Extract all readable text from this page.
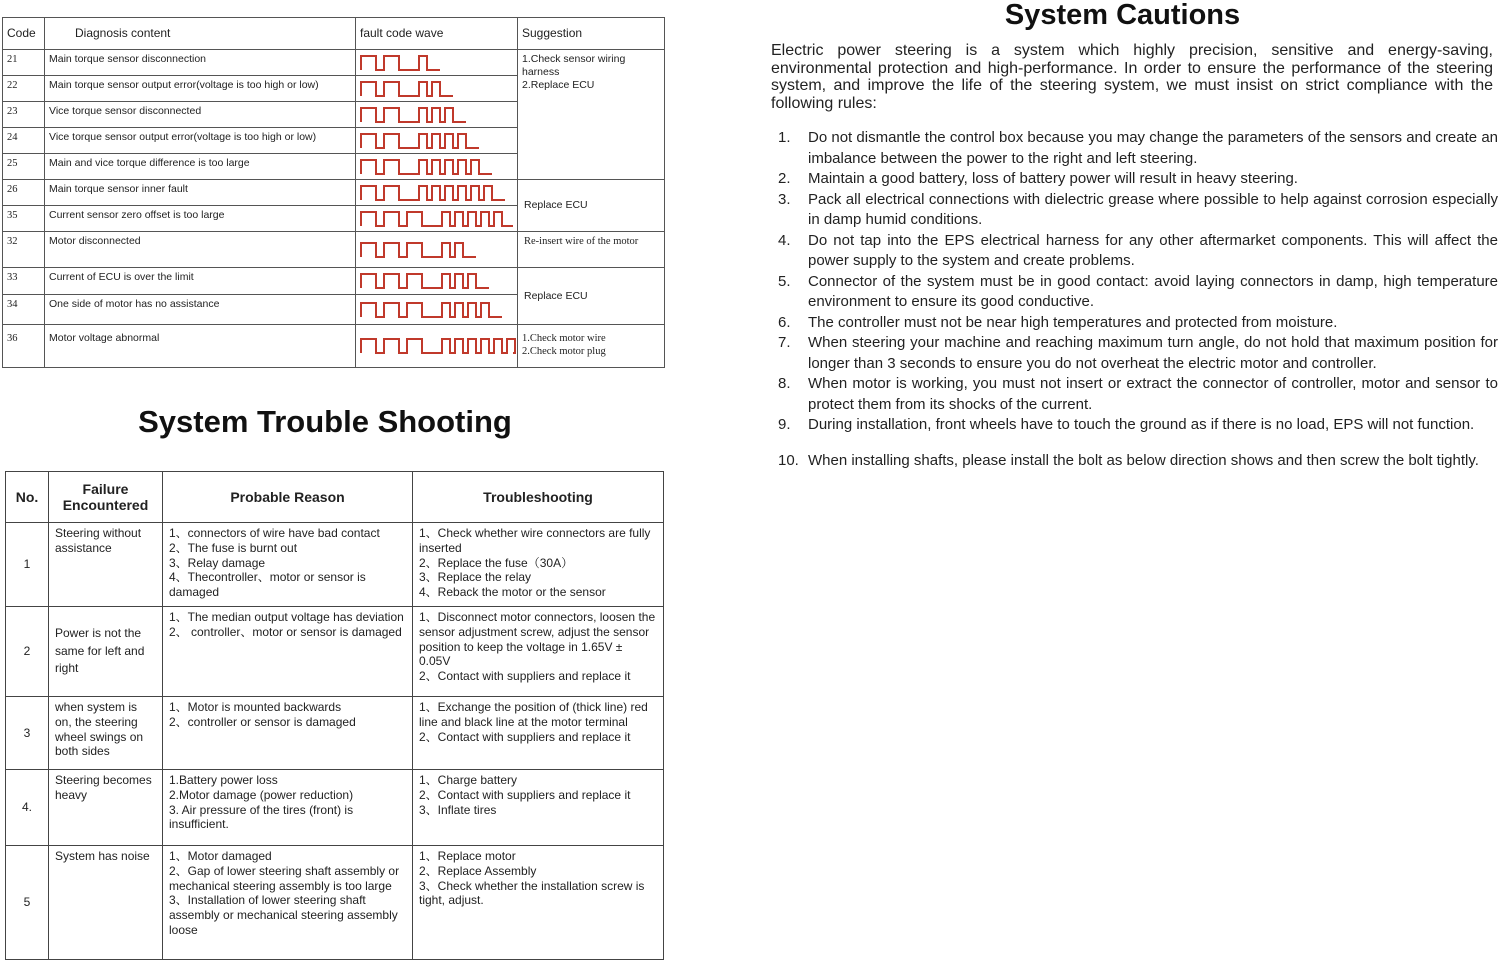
Code	Diagnosis content	fault code wave	Suggestion
21	Main torque sensor disconnection		1.Check sensor wiring harness
2.Replace ECU
22	Main torque sensor output error(voltage is too high or low)	

23	Vice torque sensor disconnected	

24	Vice torque sensor output error(voltage is too high or low)	

25	Main and vice torque difference is too large	

26	Main torque sensor inner fault		Replace ECU
35	Current sensor zero offset is too large	

32	Motor disconnected		Re-insert wire of the motor
33	Current of ECU is over the limit		Replace ECU
34	One side of motor has no assistance	

36	Motor voltage abnormal		1.Check motor wire
2.Check motor plug
System Trouble Shooting
No.	Failure Encountered	Probable Reason	Troubleshooting
1	Steering without assistance	1、connectors of wire have bad contact
2、The fuse is burnt out
3、Relay damage
4、Thecontroller、motor or sensor is damaged	1、Check whether wire connectors are fully inserted
2、Replace the fuse（30A）
3、Replace the relay
4、Reback the motor or the sensor

2	Power is not the same for left and right	1、The median output voltage has deviation
2、 controller、motor or sensor is damaged	1、Disconnect motor connectors, loosen the sensor adjustment screw, adjust the sensor position to keep the voltage in 1.65V ± 0.05V
2、Contact with suppliers and replace it

3	when system is on, the steering wheel swings on both sides	1、Motor is mounted backwards
2、controller or sensor is damaged	1、Exchange the position of (thick line) red line and black line at the motor terminal
2、Contact with suppliers and replace it

4.	Steering becomes heavy	1.Battery power loss
2.Motor damage (power reduction)
3. Air pressure of the tires (front) is insufficient.	1、Charge battery
2、Contact with suppliers and replace it
3、Inflate tires

5	System has noise	1、Motor damaged
2、Gap of lower steering shaft assembly or mechanical steering assembly is too large
3、Installation of lower steering shaft assembly or mechanical steering assembly loose	1、Replace motor
2、Replace Assembly
3、Check whether the installation screw is tight, adjust.
System Cautions

Electric power steering is a system which highly precision, sensitive and energy-saving, environmental protection and high-performance. In order to ensure the performance of the steering system, and improve the life of the steering system, we must insist on strict compliance with the following rules:

1. Do not dismantle the control box because you may change the parameters of the sensors and create an imbalance between the power to the right and left steering.
2. Maintain a good battery, loss of battery power will result in heavy steering.
3. Pack all electrical connections with dielectric grease where possible to help against corrosion especially in damp humid conditions.
4. Do not tap into the EPS electrical harness for any other aftermarket components. This will affect the power supply to the system and create problems.
5. Connector of the system must be in good contact: avoid laying connectors in damp, high temperature environment to ensure its good conductive.
6. The controller must not be near high temperatures and protected from moisture.
7. When steering your machine and reaching maximum turn angle, do not hold that maximum position for longer than 3 seconds to ensure you do not overheat the electric motor and controller.
8. When motor is working, you must not insert or extract the connector of controller, motor and sensor to protect them from its shocks of the current.
9. During installation, front wheels have to touch the ground as if there is no load, EPS will not function.
10. When installing shafts, please install the bolt as below direction shows and then screw the bolt tightly.
